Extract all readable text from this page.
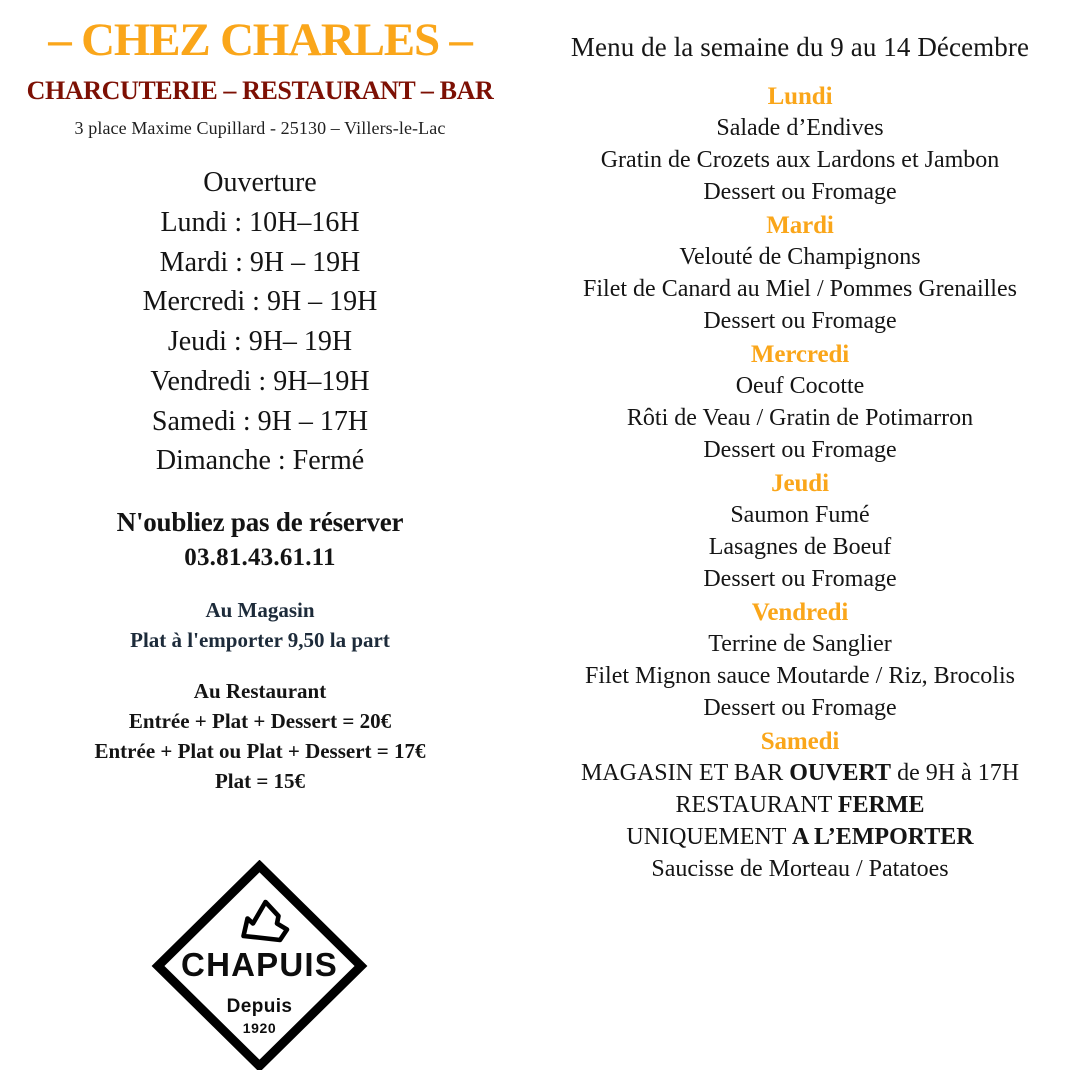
– CHEZ CHARLES –
CHARCUTERIE – RESTAURANT – BAR
3 place Maxime Cupillard - 25130 – Villers-le-Lac
Ouverture
Lundi : 10H–16H
Mardi : 9H – 19H
Mercredi : 9H – 19H
Jeudi : 9H– 19H
Vendredi : 9H–19H
Samedi : 9H – 17H
Dimanche : Fermé
N'oubliez pas de réserver
03.81.43.61.11
Au Magasin
Plat à l'emporter 9,50 la part
Au Restaurant
Entrée + Plat + Dessert = 20€
Entrée + Plat ou Plat + Dessert = 17€
Plat = 15€
CHAPUIS
Depuis
1920
Menu de la semaine du 9 au 14 Décembre
Lundi
Salade d’Endives
Gratin de Crozets aux Lardons et Jambon
Dessert ou Fromage
Mardi
Velouté de Champignons
Filet de Canard au Miel / Pommes Grenailles
Dessert ou Fromage
Mercredi
Oeuf Cocotte
Rôti de Veau / Gratin de Potimarron
Dessert ou Fromage
Jeudi
Saumon Fumé
Lasagnes de Boeuf
Dessert ou Fromage
Vendredi
Terrine de Sanglier
Filet Mignon sauce Moutarde / Riz, Brocolis
Dessert ou Fromage
Samedi
MAGASIN ET BAR OUVERT de 9H à 17H
RESTAURANT FERME
UNIQUEMENT A L’EMPORTER
Saucisse de Morteau / Patatoes
